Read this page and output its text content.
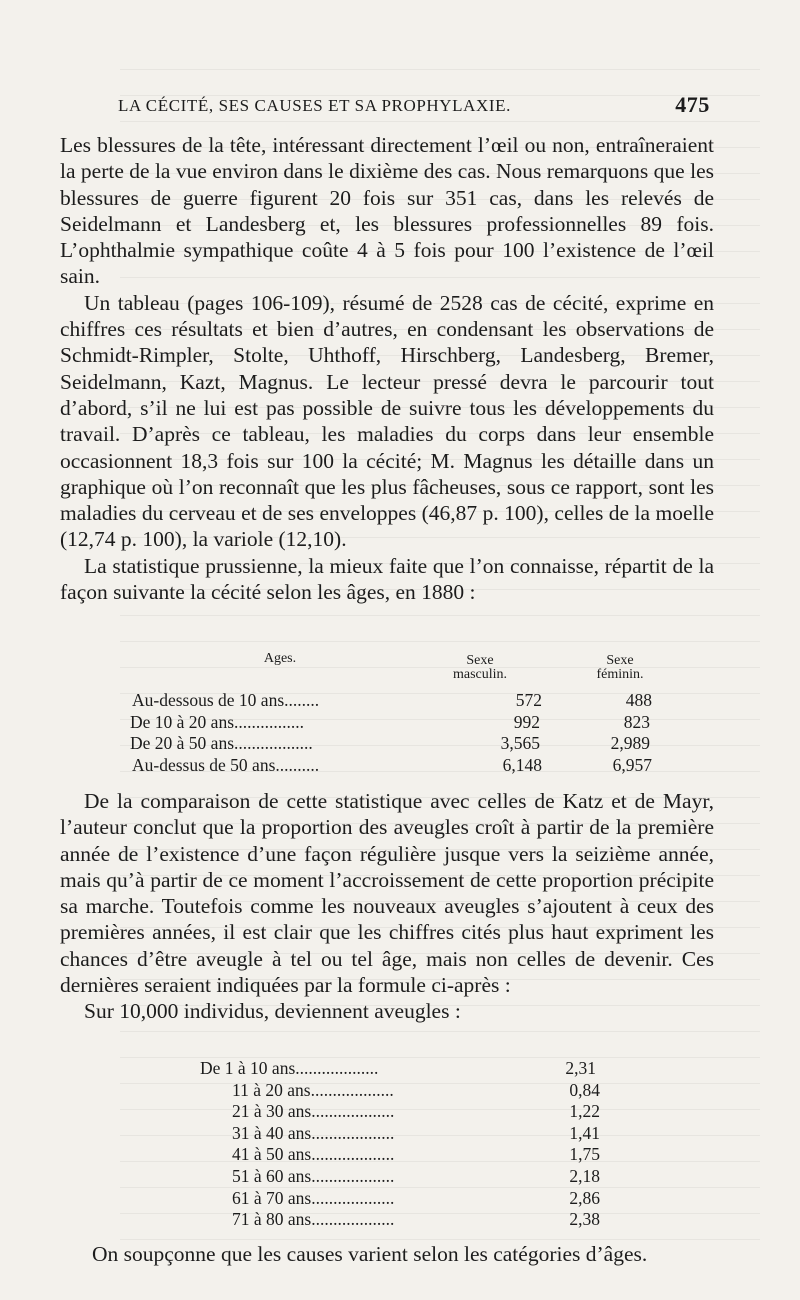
LA CÉCITÉ, SES CAUSES ET SA PROPHYLAXIE.	475

Les blessures de la tête, intéressant directement l’œil ou non, entraîneraient la perte de la vue environ dans le dixième des cas. Nous remarquons que les blessures de guerre figurent 20 fois sur 351 cas, dans les relevés de Seidelmann et Landesberg et, les blessures professionnelles 89 fois. L’ophthalmie sympathique coûte 4 à 5 fois pour 100 l’existence de l’œil sain.

Un tableau (pages 106-109), résumé de 2528 cas de cécité, exprime en chiffres ces résultats et bien d’autres, en condensant les observations de Schmidt-Rimpler, Stolte, Uhthoff, Hirschberg, Landesberg, Bremer, Seidelmann, Kazt, Magnus. Le lecteur pressé devra le parcourir tout d’abord, s’il ne lui est pas possible de suivre tous les développements du travail. D’après ce tableau, les maladies du corps dans leur ensemble occasionnent 18,3 fois sur 100 la cécité; M. Magnus les détaille dans un graphique où l’on reconnaît que les plus fâcheuses, sous ce rapport, sont les maladies du cerveau et de ses enveloppes (46,87 p. 100), celles de la moelle (12,74 p. 100), la variole (12,10).

La statistique prussienne, la mieux faite que l’on connaisse, répartit de la façon suivante la cécité selon les âges, en 1880 :

Ages.	Sexe
masculin.
Sexe
féminin.
Au-dessous de 10 ans........	572	488
De 10 à 20 ans................	992	823
De 20 à 50 ans..................	3,565	2,989
Au-dessus de 50 ans..........	6,148	6,957

De la comparaison de cette statistique avec celles de Katz et de Mayr, l’auteur conclut que la proportion des aveugles croît à partir de la première année de l’existence d’une façon régulière jusque vers la seizième année, mais qu’à partir de ce moment l’accroissement de cette proportion précipite sa marche. Toutefois comme les nouveaux aveugles s’ajoutent à ceux des premières années, il est clair que les chiffres cités plus haut expriment les chances d’être aveugle à tel ou tel âge, mais non celles de devenir. Ces dernières seraient indiquées par la formule ci-après :

Sur 10,000 individus, deviennent aveugles :

De 1 à 10 ans...................	2,31
11 à 20 ans...................	0,84
21 à 30 ans...................	1,22
31 à 40 ans...................	1,41
41 à 50 ans...................	1,75
51 à 60 ans...................	2,18
61 à 70 ans...................	2,86
71 à 80 ans...................	2,38
On soupçonne que les causes varient selon les catégories d’âges.
